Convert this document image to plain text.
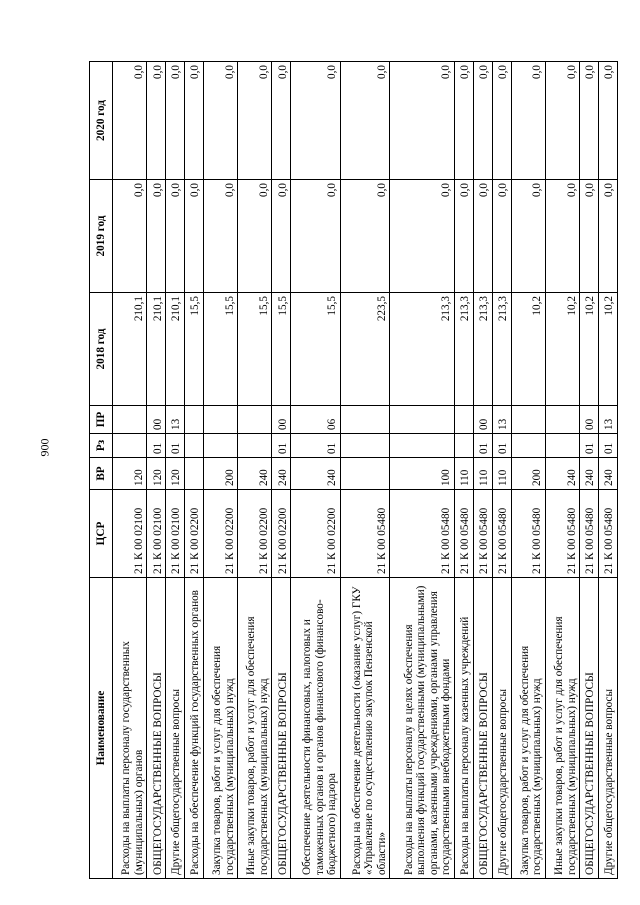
900
Наименование	ЦСР	ВР	Рз	ПР	2018 год	2019 год	2020 год
Расходы на выплаты персоналу государственных (муниципальных) органов	21 К 00 02100	120			210,1	0,0	0,0
ОБЩЕГОСУДАРСТВЕННЫЕ ВОПРОСЫ	21 К 00 02100	120	01	00	210,1	0,0	0,0
Другие общегосударственные вопросы	21 К 00 02100	120	01	13	210,1	0,0	0,0
Расходы на обеспечение функций государственных органов	21 К 00 02200				15,5	0,0	0,0
Закупка товаров, работ и услуг для обеспечения государственных (муниципальных) нужд	21 К 00 02200	200			15,5	0,0	0,0
Иные закупки товаров, работ и услуг для обеспечения государственных (муниципальных) нужд	21 К 00 02200	240			15,5	0,0	0,0
ОБЩЕГОСУДАРСТВЕННЫЕ ВОПРОСЫ	21 К 00 02200	240	01	00	15,5	0,0	0,0
Обеспечение деятельности финансовых, налоговых и таможенных органов и органов финансового (финансово-бюджетного) надзора	21 К 00 02200	240	01	06	15,5	0,0	0,0
Расходы на обеспечение деятельности (оказание услуг) ГКУ «Управление по осуществлению закупок Пензенской области»	21 К 00 05480				223,5	0,0	0,0
Расходы на выплаты персоналу в целях обеспечения выполнения функций государственными (муниципальными) органами, казенными учреждениями, органами управления государственными внебюджетными фондами	21 К 00 05480	100			213,3	0,0	0,0
Расходы на выплаты персоналу казенных учреждений	21 К 00 05480	110			213,3	0,0	0,0
ОБЩЕГОСУДАРСТВЕННЫЕ ВОПРОСЫ	21 К 00 05480	110	01	00	213,3	0,0	0,0
Другие общегосударственные вопросы	21 К 00 05480	110	01	13	213,3	0,0	0,0
Закупка товаров, работ и услуг для обеспечения государственных (муниципальных) нужд	21 К 00 05480	200			10,2	0,0	0,0
Иные закупки товаров, работ и услуг для обеспечения государственных (муниципальных) нужд	21 К 00 05480	240			10,2	0,0	0,0
ОБЩЕГОСУДАРСТВЕННЫЕ ВОПРОСЫ	21 К 00 05480	240	01	00	10,2	0,0	0,0
Другие общегосударственные вопросы	21 К 00 05480	240	01	13	10,2	0,0	0,0
